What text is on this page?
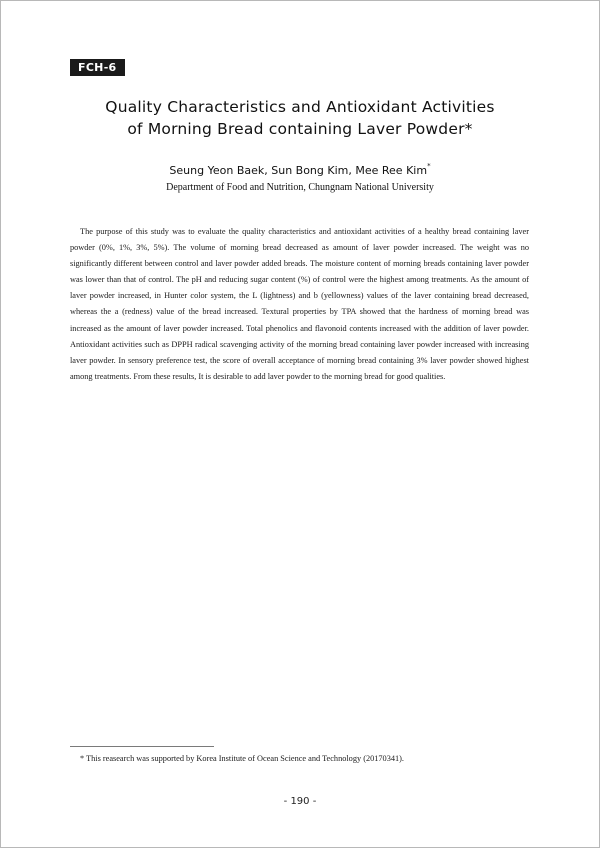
FCH-6
Quality Characteristics and Antioxidant Activities
of Morning Bread containing Laver Powder*
Seung Yeon Baek, Sun Bong Kim, Mee Ree Kim*
Department of Food and Nutrition, Chungnam National University

The purpose of this study was to evaluate the quality characteristics and antioxidant activities of a healthy bread containing laver powder (0%, 1%, 3%, 5%). The volume of morning bread decreased as amount of laver powder increased. The weight was no significantly different between control and laver powder added breads. The moisture content of morning breads containing laver powder was lower than that of control. The pH and reducing sugar content (%) of control were the highest among treatments. As the amount of laver powder increased, in Hunter color system, the L (lightness) and b (yellowness) values of the laver containing bread decreased, whereas the a (redness) value of the bread increased. Textural properties by TPA showed that the hardness of morning bread was increased as the amount of laver powder increased. Total phenolics and flavonoid contents increased with the addition of laver powder. Antioxidant activities such as DPPH radical scavenging activity of the morning bread containing laver powder increased with increasing laver powder. In sensory preference test, the score of overall acceptance of morning bread containing 3% laver powder showed highest among treatments. From these results, It is desirable to add laver powder to the morning bread for good qualities.

* This reasearch was supported by Korea Institute of Ocean Science and Technology (20170341).
- 190 -
